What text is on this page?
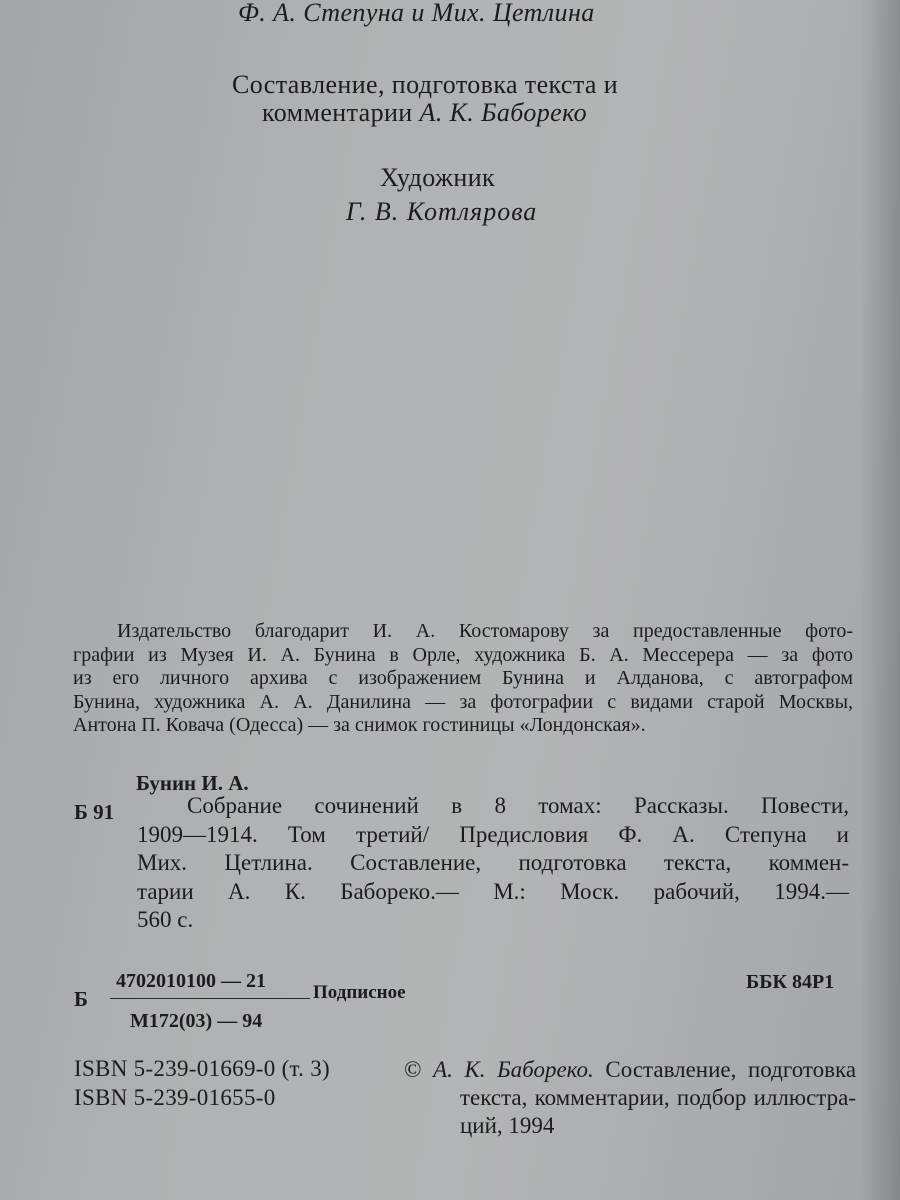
Ф. А. Степуна и Мих. Цетлина
Составление, подготовка текста и
комментарии А. К. Бабореко
Художник
Г. В. Котлярова
Издательство благодарит И. А. Костомарову за предоставленные фото-
графии из Музея И. А. Бунина в Орле, художника Б. А. Мессерера — за фото
из его личного архива с изображением Бунина и Алданова, с автографом
Бунина, художника А. А. Данилина — за фотографии с видами старой Москвы,
Антона П. Ковача (Одесса) — за снимок гостиницы «Лондонская».
Бунин И. А.
Б 91	Собрание сочинений в 8 томах: Рассказы. Повести,
1909—1914. Том третий/ Предисловия Ф. А. Степуна и
Мих. Цетлина. Составление, подготовка текста, коммен-
тарии А. К. Бабореко.— М.: Моск. рабочий, 1994.—
560 с.
Б
4702010100 — 21
Подписное	ББК 84Р1
М172(03) — 94
ISBN 5-239-01669-0 (т. 3)
ISBN 5-239-01655-0
© А. К. Бабореко. Составление, подготовка
текста, комментарии, подбор иллюстра-
ций, 1994
